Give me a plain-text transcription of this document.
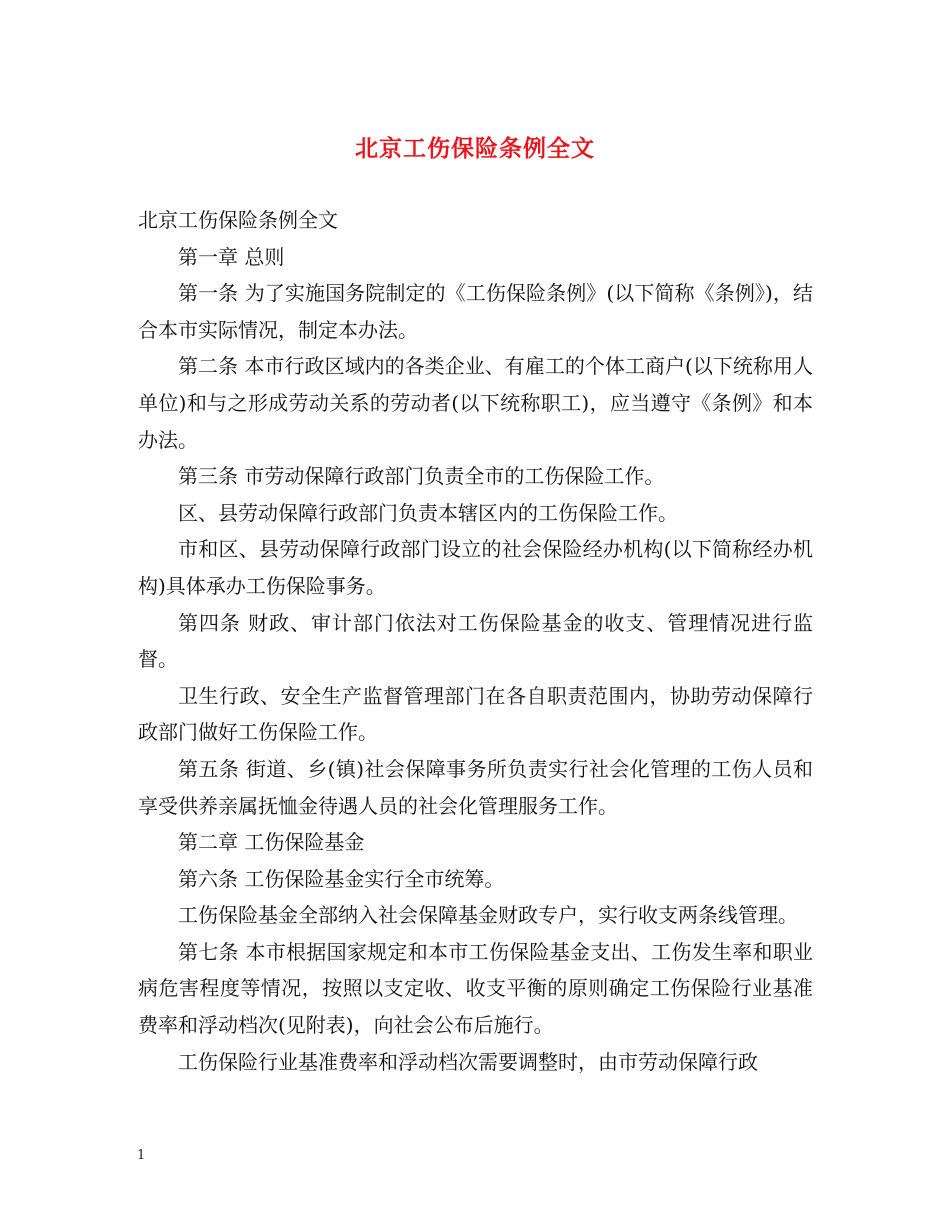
北京工伤保险条例全文

北京工伤保险条例全文

第一章 总则

第一条 为了实施国务院制定的《工伤保险条例》(以下简称《条例》)，结合本市实际情况，制定本办法。

第二条 本市行政区域内的各类企业、有雇工的个体工商户(以下统称用人单位)和与之形成劳动关系的劳动者(以下统称职工)，应当遵守《条例》和本办法。

第三条 市劳动保障行政部门负责全市的工伤保险工作。

区、县劳动保障行政部门负责本辖区内的工伤保险工作。

市和区、县劳动保障行政部门设立的社会保险经办机构(以下简称经办机构)具体承办工伤保险事务。

第四条 财政、审计部门依法对工伤保险基金的收支、管理情况进行监督。

卫生行政、安全生产监督管理部门在各自职责范围内，协助劳动保障行政部门做好工伤保险工作。

第五条 街道、乡(镇)社会保障事务所负责实行社会化管理的工伤人员和享受供养亲属抚恤金待遇人员的社会化管理服务工作。

第二章 工伤保险基金

第六条 工伤保险基金实行全市统筹。

工伤保险基金全部纳入社会保障基金财政专户，实行收支两条线管理。

第七条 本市根据国家规定和本市工伤保险基金支出、工伤发生率和职业病危害程度等情况，按照以支定收、收支平衡的原则确定工伤保险行业基准费率和浮动档次(见附表)，向社会公布后施行。

工伤保险行业基准费率和浮动档次需要调整时，由市劳动保障行政

1
